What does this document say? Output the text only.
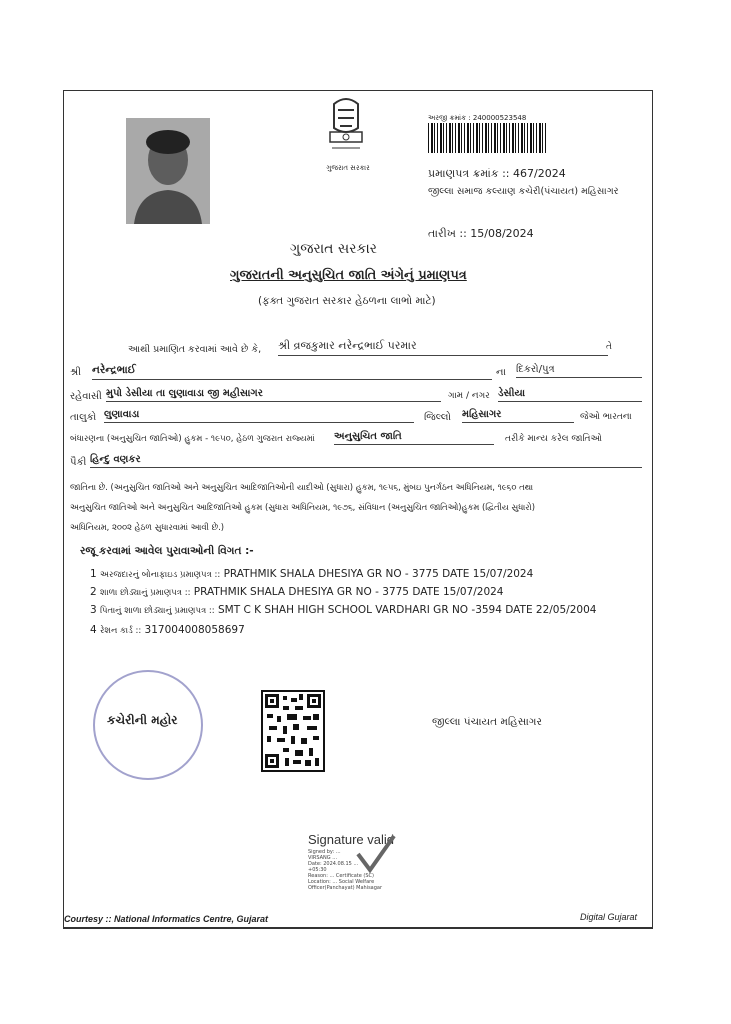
ગુજરાત સરકાર
અરજી ક્રમાંક : 240000523548
પ્રમાણપત્ર ક્રમાંક :: 467/2024
જીલ્લા સમાજ કલ્યાણ કચેરી(પંચાયત) મહિસાગર
તારીખ :: 15/08/2024
ગુજરાત સરકાર
ગુજરાતની અનુસુચિત જાતિ અંગેનું પ્રમાણપત્ર
(ફક્ત ગુજરાત સરકાર હેઠળના લાભો માટે)
આથી પ્રમાણિત કરવામાં આવે છે કે, શ્રી વ્રજકુમાર નરેન્દ્રભાઈ પરમાર	તે
શ્રી નરેન્દ્રભાઈ	ના દિકરો/પુત્ર
રહેવાસી મુપો ડેસીયા તા લુણાવાડા જી મહીસાગર	ગામ / નગર ડેસીયા
તાલુકો લુણાવાડા	જિલ્લો મહિસાગર	જેઓ ભારતના
બંધારણના (અનુસુચિત જાતિઓ) હુકમ - ૧૯૫૦, હેઠળ ગુજરાત રાજ્યમાં અનુસુચિત જાતિ	તરીકે માન્ય કરેલ જાતિઓ
પૈકી હિન્દુ વણકર
જાતિના છે. (અનુસુચિત જાતિઓ અને અનુસુચિત આદિજાતિઓની યાદીઓ (સુધારા) હુકમ, ૧૯૫૬, મુંબઇ પુનર્ગઠન અધિનિયમ, ૧૯૬૦ તથા
અનુસુચિત જાતિઓ અને અનુસુચિત આદિજાતિઓ હુકમ (સુધારા અધિનિયમ, ૧૯૭૬, સંવિધાન (અનુસુચિત જાતિઓ)હુકમ (દ્વિતીય સુધારો)
અધિનિયમ, ૨૦૦૨ હેઠળ સુધારવામાં આવી છે.)
રજૂ કરવામાં આવેલ પુરાવાઓની વિગત :-
1 અરજદારનું બોનાફાઇડ પ્રમાણપત્ર :: PRATHMIK SHALA DHESIYA GR NO - 3775 DATE 15/07/2024
2 શાળા છોડ્યાનું પ્રમાણપત્ર :: PRATHMIK SHALA DHESIYA GR NO - 3775 DATE 15/07/2024
3 પિતાનું શાળા છોડ્યાનું પ્રમાણપત્ર :: SMT C K SHAH HIGH SCHOOL VARDHARI GR NO -3594 DATE 22/05/2004
4 રેશન કાર્ડ :: 317004008058697
કચેરીની મહોર	જીલ્લા પંચાયત મહિસાગર
Signature valid
Signed by: ...
VIRSANG ...
Date: 2024.08.15 ...
+05:30
Reason: ... Certificate (SC)
Location: ... Social Welfare
Officer(Panchayat) Mahisagar
Courtesy :: National Informatics Centre, Gujarat	Digital Gujarat
